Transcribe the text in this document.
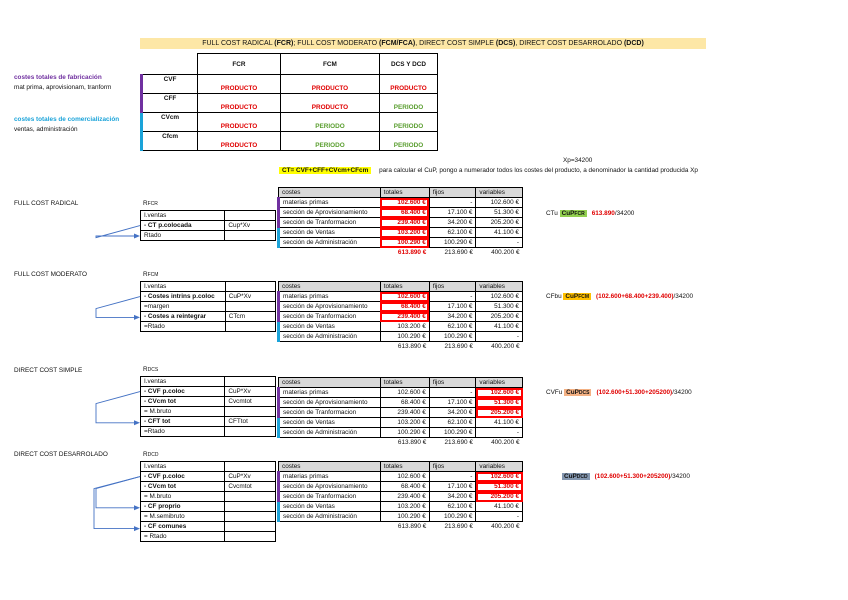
FULL COST RADICAL (FCR); FULL COST MODERATO (FCM/FCA), DIRECT COST SIMPLE (DCS), DIRECT COST DESARROLADO (DCD)
costes totales de fabricación
mat prima, aprovisionam, tranform
costes totales de comercialización
ventas, administración
	FCR	FCM	DCS Y DCD
CVF	PRODUCTO	PRODUCTO	PRODUCTO
CFF	PRODUCTO	PRODUCTO	PERIODO
CVcm	PRODUCTO	PERIODO	PERIODO
Cfcm	PRODUCTO	PERIODO	PERIODO
Xp=34200
CT= CVF+CFF+CVcm+CFcm para calcular el CuP, pongo a numerador todos los costes del producto, a denominador la cantidad producida Xp
FULL COST RADICAL	RFCR
I.ventas	
- CT p.colocada	Cup*Xv
Rtado	
costes	totales	fijos	variables
materias primas	102.600 €	-	102.600 €
sección de Aprovisionamiento	68.400 €	17.100 €	51.300 €
sección de Tranformacion	239.400 €	34.200 €	205.200 €
sección de Ventas	103.200 €	62.100 €	41.100 €
sección de Administración	100.290 €	100.290 €	-
	613.890 €	213.690 €	400.200 €
CTu CuPFCR 613.890/34200
FULL COST MODERATO	RFCM
I.ventas	
- Costes intrins p.coloc	CuP*Xv
=margen	
- Costes a reintegrar	CTcm
=Rtado	
costes	totales	fijos	variables
materias primas	102.600 €	-	102.600 €
sección de Aprovisionamiento	68.400 €	17.100 €	51.300 €
sección de Tranformacion	239.400 €	34.200 €	205.200 €
sección de Ventas	103.200 €	62.100 €	41.100 €
sección de Administración	100.290 €	100.290 €	-
	613.890 €	213.690 €	400.200 €
CFbu CuPFCM (102.600+68.400+239.400)/34200
DIRECT COST SIMPLE	RDCS
I.ventas	
- CVF p.coloc	CuP*Xv
- CVcm tot	Cvcmtot
= M.bruto	
- CFT tot	CFTtot
=Rtado	
costes	totales	fijos	variables
materias primas	102.600 €	-	102.600 €
sección de Aprovisionamiento	68.400 €	17.100 €	51.300 €
sección de Tranformacion	239.400 €	34.200 €	205.200 €
sección de Ventas	103.200 €	62.100 €	41.100 €
sección de Administración	100.290 €	100.290 €	-
	613.890 €	213.690 €	400.200 €
CVFu CuPDCS (102.600+51.300+205200)/34200
DIRECT COST DESARROLADO	RDCD
I.ventas	
- CVF p.coloc	CuP*Xv
- CVcm tot	Cvcmtot
= M.bruto	
- CF proprio	
= M.semibruto	
- CF comunes	
= Rtado	
costes	totales	fijos	variables
materias primas	102.600 €	-	102.600 €
sección de Aprovisionamiento	68.400 €	17.100 €	51.300 €
sección de Tranformacion	239.400 €	34.200 €	205.200 €
sección de Ventas	103.200 €	62.100 €	41.100 €
sección de Administración	100.290 €	100.290 €	-
	613.890 €	213.690 €	400.200 €
CuPDCD (102.600+51.300+205200)/34200
